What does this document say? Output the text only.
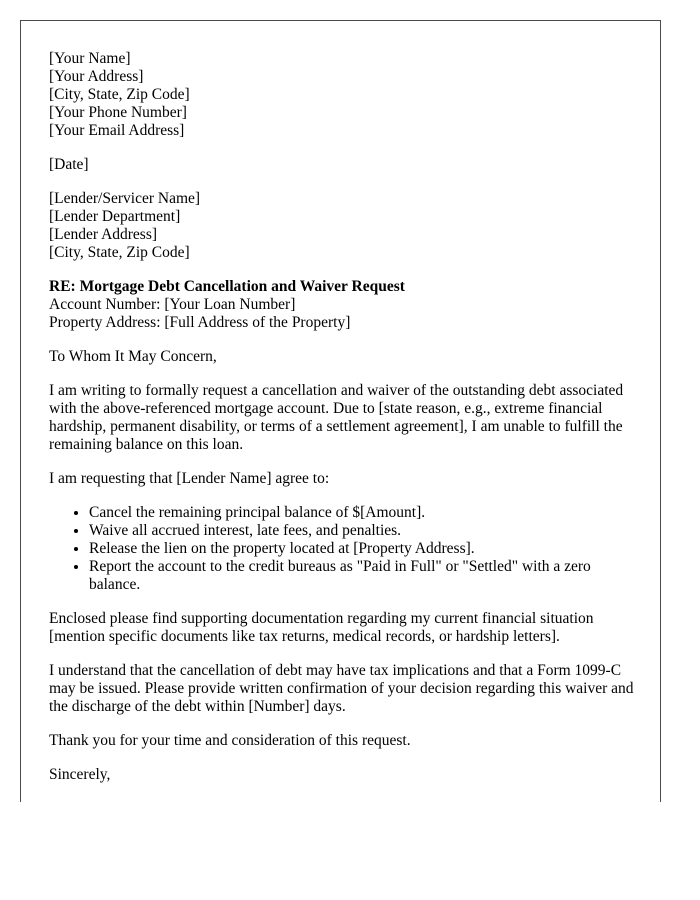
[Your Name]
[Your Address]
[City, State, Zip Code]
[Your Phone Number]
[Your Email Address]
[Date]
[Lender/Servicer Name]
[Lender Department]
[Lender Address]
[City, State, Zip Code]
RE: Mortgage Debt Cancellation and Waiver Request
Account Number: [Your Loan Number]
Property Address: [Full Address of the Property]

To Whom It May Concern,

I am writing to formally request a cancellation and waiver of the outstanding debt associated with the above-referenced mortgage account. Due to [state reason, e.g., extreme financial hardship, permanent disability, or terms of a settlement agreement], I am unable to fulfill the remaining balance on this loan.

I am requesting that [Lender Name] agree to:

• Cancel the remaining principal balance of $[Amount].
• Waive all accrued interest, late fees, and penalties.
• Release the lien on the property located at [Property Address].
• Report the account to the credit bureaus as "Paid in Full" or "Settled" with a zero balance.

Enclosed please find supporting documentation regarding my current financial situation [mention specific documents like tax returns, medical records, or hardship letters].

I understand that the cancellation of debt may have tax implications and that a Form 1099-C may be issued. Please provide written confirmation of your decision regarding this waiver and the discharge of the debt within [Number] days.

Thank you for your time and consideration of this request.

Sincerely,
